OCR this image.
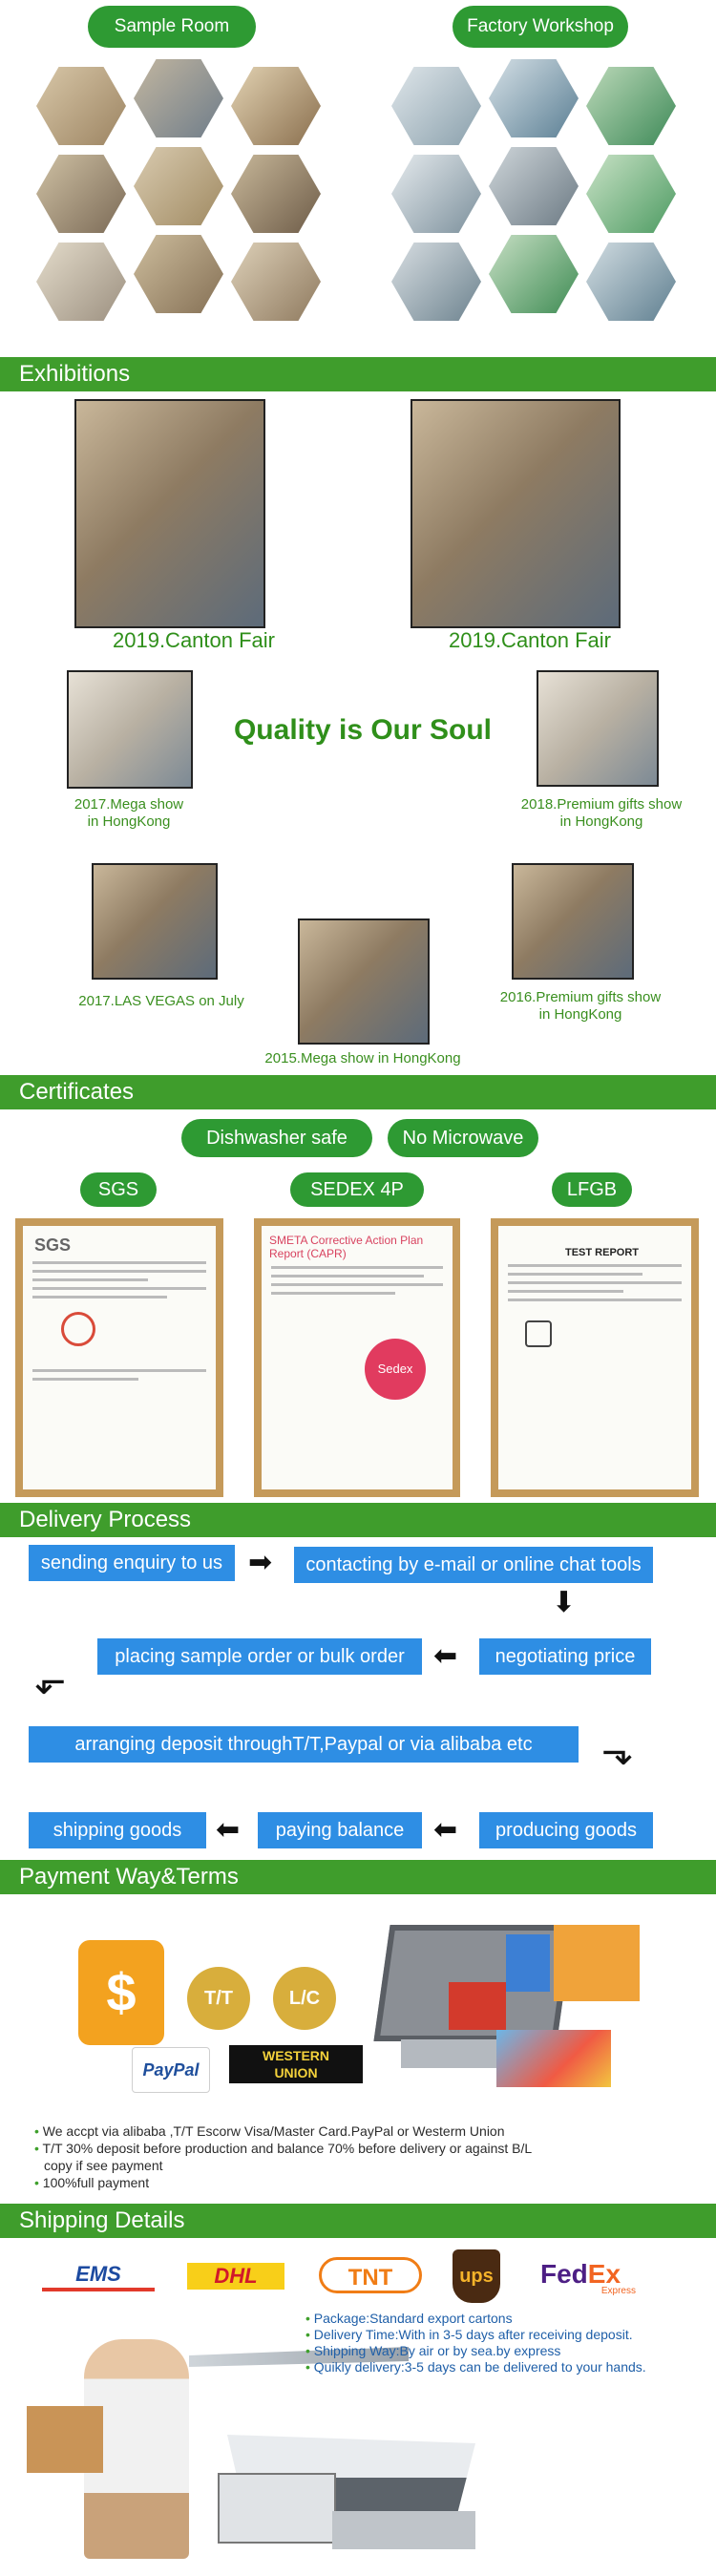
Sample Room	Factory Workshop
Exhibitions
2019.Canton Fair	2019.Canton Fair
Quality is Our Soul
2017.Mega show
in HongKong
2018.Premium gifts show
in HongKong
2017.LAS VEGAS on July	2016.Premium gifts show
in HongKong
2015.Mega show in HongKong
Certificates
Dishwasher safe	No Microwave
SGS	SEDEX 4P	LFGB
SGS	SMETA Corrective Action Plan
Report (CAPR)
Sedex
TEST REPORT
Delivery Process
sending enquiry to us ➡	contacting by e-mail or online chat tools
⬇
placing sample order or bulk order	⬅	negotiating price
⬐
arranging deposit throughT/T,Paypal or via alibaba etc	⬎
shipping goods	⬅	paying balance	⬅	producing goods
Payment Way&Terms
$	T/T	L/C
PayPal
WESTERN
UNION
• We accpt via alibaba ,T/T Escorw Visa/Master Card.PayPal or Westerm Union
• T/T 30% deposit before production and balance 70% before delivery or against B/L
copy if see payment
• 100%full payment
Shipping Details
EMS	DHL	TNT	ups FedEx
Express
• Package:Standard export cartons
• Delivery Time:With in 3-5 days after receiving deposit.
• Shipping Way:By air or by sea.by express
• Quikly delivery:3-5 days can be delivered to your hands.
